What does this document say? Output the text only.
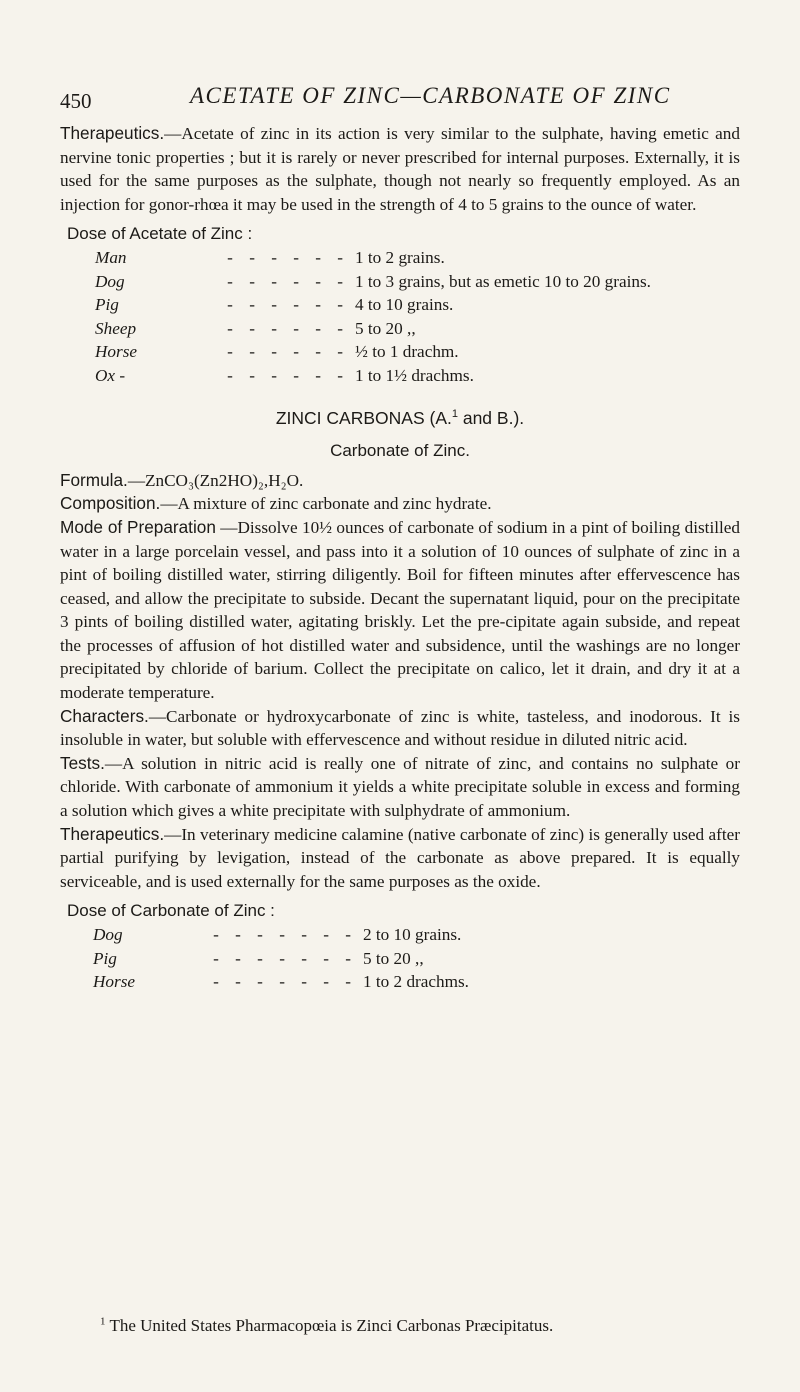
450	ACETATE OF ZINC—CARBONATE OF ZINC

Therapeutics.—Acetate of zinc in its action is very similar to the sulphate, having emetic and nervine tonic properties ; but it is rarely or never prescribed for internal purposes. Externally, it is used for the same purposes as the sulphate, though not nearly so frequently employed. As an injection for gonor-rhœa it may be used in the strength of 4 to 5 grains to the ounce of water.

Dose of Acetate of Zinc :
Man	- - - - - - 1 to 2 grains.
Dog	- - - - - - 1 to 3 grains, but as emetic 10 to 20 grains.
Pig	- - - - - - 4 to 10 grains.
Sheep	- - - - - - 5 to 20 ,,
Horse	- - - - - - ½ to 1 drachm.
Ox -	- - - - - - 1 to 1½ drachms.
ZINCI CARBONAS (A.$^1$ and B.).
Carbonate of Zinc.

Formula.—ZnCO₃(Zn2HO)₂,H₂O.

Composition.—A mixture of zinc carbonate and zinc hydrate.

Mode of Preparation —Dissolve 10½ ounces of carbonate of sodium in a pint of boiling distilled water in a large porcelain vessel, and pass into it a solution of 10 ounces of sulphate of zinc in a pint of boiling distilled water, stirring diligently. Boil for fifteen minutes after effervescence has ceased, and allow the precipitate to subside. Decant the supernatant liquid, pour on the precipitate 3 pints of boiling distilled water, agitating briskly. Let the pre-cipitate again subside, and repeat the processes of affusion of hot distilled water and subsidence, until the washings are no longer precipitated by chloride of barium. Collect the precipitate on calico, let it drain, and dry it at a moderate temperature.

Characters.—Carbonate or hydroxycarbonate of zinc is white, tasteless, and inodorous. It is insoluble in water, but soluble with effervescence and without residue in diluted nitric acid.

Tests.—A solution in nitric acid is really one of nitrate of zinc, and contains no sulphate or chloride. With carbonate of ammonium it yields a white precipitate soluble in excess and forming a solution which gives a white precipitate with sulphydrate of ammonium.

Therapeutics.—In veterinary medicine calamine (native carbonate of zinc) is generally used after partial purifying by levigation, instead of the carbonate as above prepared. It is equally serviceable, and is used externally for the same purposes as the oxide.

Dose of Carbonate of Zinc :
Dog	- - - - - - - 2 to 10 grains.
Pig	- - - - - - - 5 to 20 ,,
Horse	- - - - - - - 1 to 2 drachms.
$^1$ The United States Pharmacopœia is Zinci Carbonas Præcipitatus.
